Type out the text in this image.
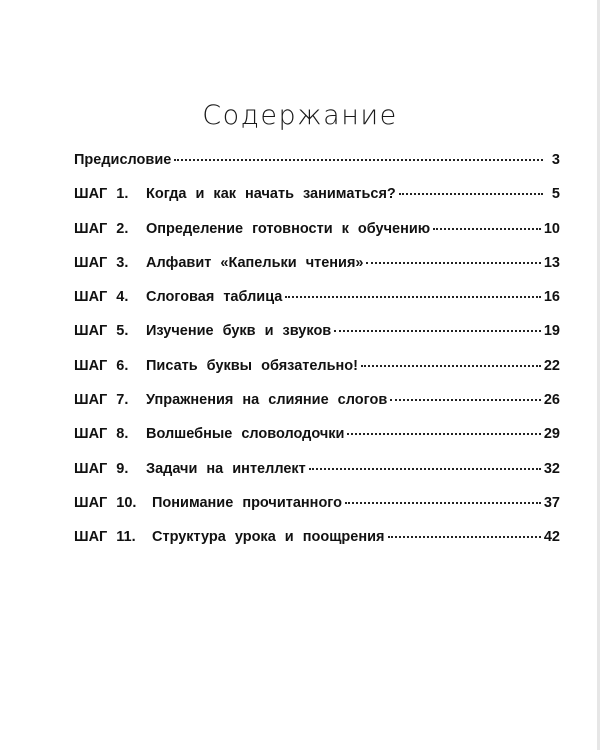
Содержание
Предисловие	3
ШАГ 1. Когда и как начать заниматься?	5
ШАГ 2. Определение готовности к обучению	10
ШАГ 3. Алфавит «Капельки чтения»	13
ШАГ 4. Слоговая таблица	16
ШАГ 5. Изучение букв и звуков	19
ШАГ 6. Писать буквы обязательно!	22
ШАГ 7. Упражнения на слияние слогов	26
ШАГ 8. Волшебные словолодочки	29
ШАГ 9. Задачи на интеллект	32
ШАГ 10. Понимание прочитанного	37
ШАГ 11. Структура урока и поощрения	42
